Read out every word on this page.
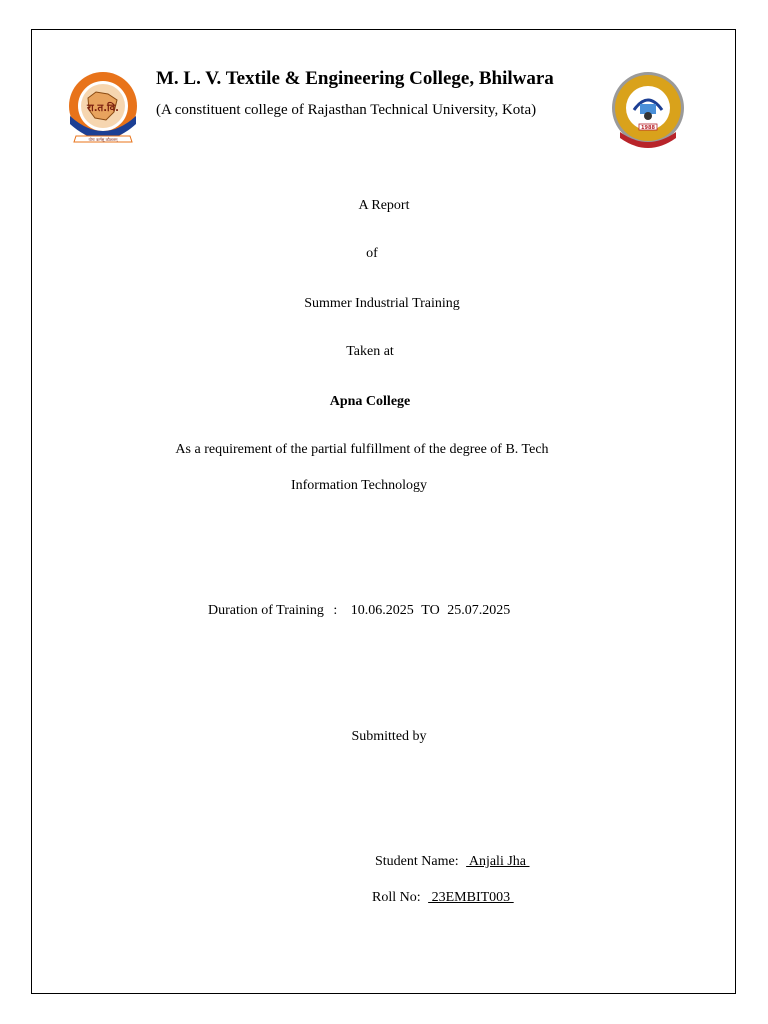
रा.त.वि.
योगः कर्मसु कौशलम्
1988
M. L. V. Textile & Engineering College, Bhilwara
(A constituent college of Rajasthan Technical University, Kota)
A Report
of
Summer Industrial Training
Taken at
Apna College
As a requirement of the partial fulfillment of the degree of B. Tech
Information Technology
Duration of Training : 10.06.2025 TO 25.07.2025
Submitted by
Student Name:  Anjali Jha
Roll No:  23EMBIT003
